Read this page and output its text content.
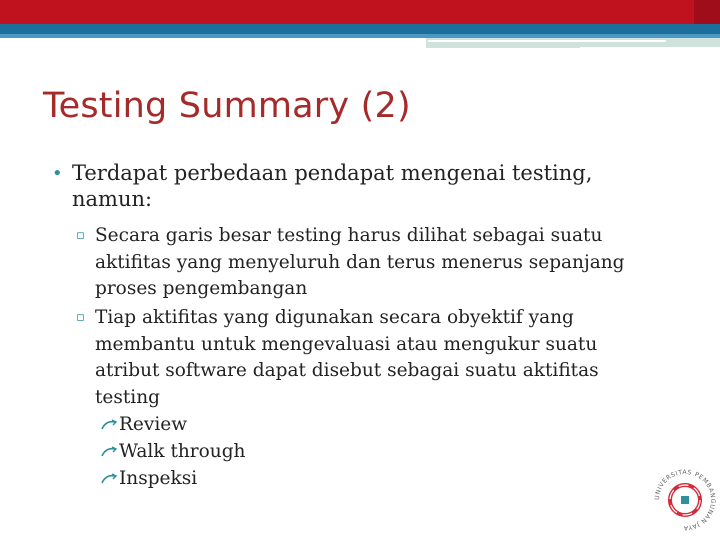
Testing Summary (2)
• Terdapat perbedaan pendapat mengenai testing, namun:
▫ Secara garis besar testing harus dilihat sebagai suatu aktifitas yang menyeluruh dan terus menerus sepanjang proses pengembangan
▫ Tiap aktifitas yang digunakan secara obyektif yang membantu untuk mengevaluasi atau mengukur suatu atribut software dapat disebut sebagai suatu aktifitas testing
Review
Walk through
Inspeksi
UNIVERSITAS PEMBANGUNAN JAYA
